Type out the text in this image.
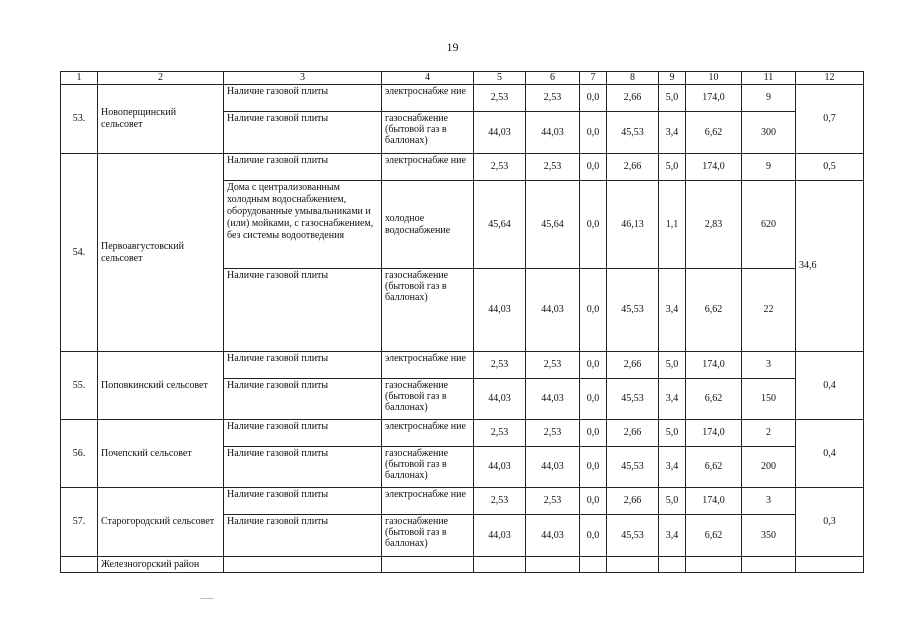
19
1	2	3	4	5	6	7	8	9	10	11	12
53.	Новоперщинский сельсовет	Наличие газовой плиты	электроснабже ние	2,53	2,53	0,0	2,66	5,0	174,0	9	0,7
		Наличие газовой плиты	газоснабжение (бытовой газ в баллонах)	44,03	44,03	0,0	45,53	3,4	6,62	300	
54.	Первоавгустовский сельсовет	Наличие газовой плиты	электроснабже ние	2,53	2,53	0,0	2,66	5,0	174,0	9	0,5
		Дома с централизованным холодным водоснабжением, оборудованные умывальниками и (или) мойками, с газоснабжением, без системы водоотведения	холодное водоснабжение	45,64	45,64	0,0	46,13	1,1	2,83	620	34,6
		Наличие газовой плиты	газоснабжение (бытовой газ в баллонах)	44,03	44,03	0,0	45,53	3,4	6,62	22	
55.	Поповкинский сельсовет	Наличие газовой плиты	электроснабже ние	2,53	2,53	0,0	2,66	5,0	174,0	3	0,4
		Наличие газовой плиты	газоснабжение (бытовой газ в баллонах)	44,03	44,03	0,0	45,53	3,4	6,62	150	
56.	Почепский сельсовет	Наличие газовой плиты	электроснабже ние	2,53	2,53	0,0	2,66	5,0	174,0	2	0,4
		Наличие газовой плиты	газоснабжение (бытовой газ в баллонах)	44,03	44,03	0,0	45,53	3,4	6,62	200	
57.	Старогородский сельсовет	Наличие газовой плиты	электроснабже ние	2,53	2,53	0,0	2,66	5,0	174,0	3	0,3
		Наличие газовой плиты	газоснабжение (бытовой газ в баллонах)	44,03	44,03	0,0	45,53	3,4	6,62	350	
	Железногорский район										
